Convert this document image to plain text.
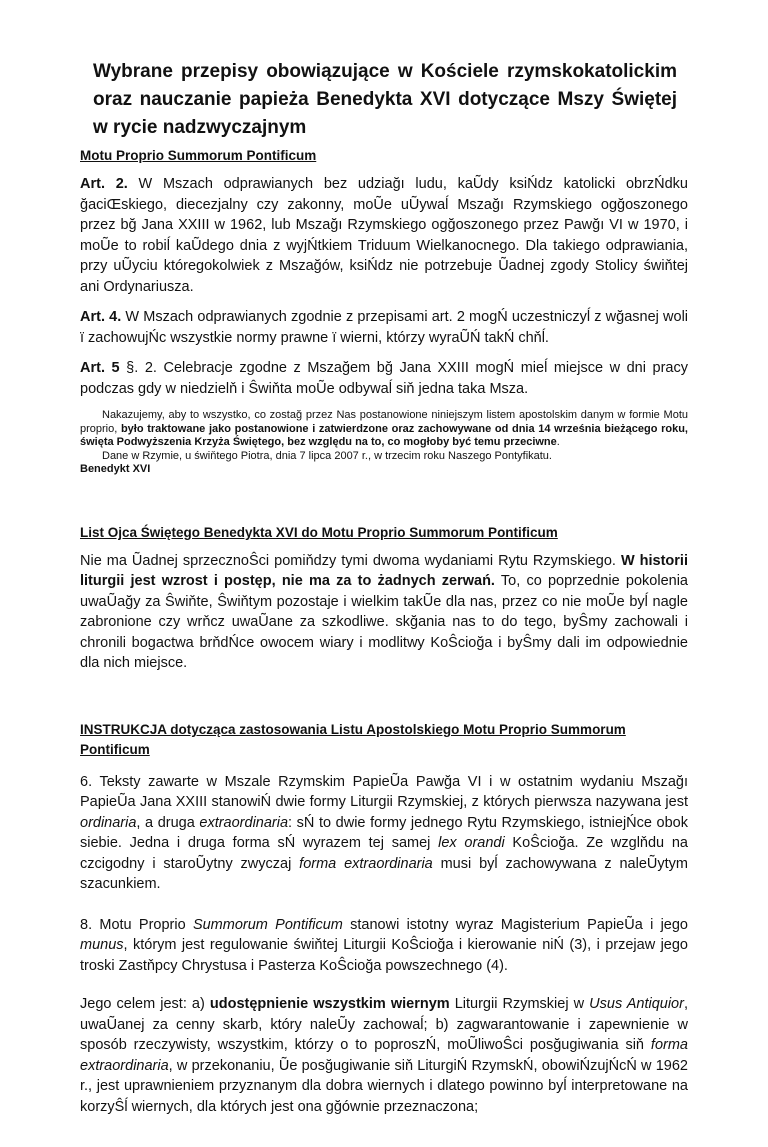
Wybrane przepisy obowiązujące w Kościele rzymskokatolickim oraz nauczanie papieża Benedykta XVI dotyczące Mszy Świętej w rycie nadzwyczajnym
Motu Proprio Summorum Pontificum

Art. 2. W Mszach odprawianych bez udziağı ludu, kaŨdy ksiŃdz katolicki obrzŃdku ğaciŒskiego, diecezjalny czy zakonny, moŨe uŨywaĺ Mszağı Rzymskiego ogğoszonego przez bğ Jana XXIII w 1962, lub Mszağı Rzymskiego ogğoszonego przez Pawğı VI w 1970, i moŨe to robiĺ kaŨdego dnia z wyjŃtkiem Triduum Wielkanocnego. Dla takiego odprawiania, przy uŨyciu któregokolwiek z Mszağów, ksiŃdz nie potrzebuje Ũadnej zgody Stolicy świňtej ani Ordynariusza.

Art. 4. W Mszach odprawianych zgodnie z przepisami art. 2 mogŃ uczestniczyĺ z wğasnej woli ï zachowujŃc wszystkie normy prawne ï wierni, którzy wyraŨŃ takŃ chňĺ.

Art. 5 §. 2. Celebracje zgodne z Mszağem bğ Jana XXIII mogŃ mieĺ miejsce w dni pracy podczas gdy w niedzielň i Ŝwiňta moŨe odbywaĺ siň jedna taka Msza.

Nakazujemy, aby to wszystko, co zostağ przez Nas postanowione niniejszym listem apostolskim danym w formie Motu proprio, było traktowane jako postanowione i zatwierdzone oraz zachowywane od dnia 14 września bieżącego roku, święta Podwyższenia Krzyża Świętego, bez względu na to, co mogłoby być temu przeciwne.

Dane w Rzymie, u świňtego Piotra, dnia 7 lipca 2007 r., w trzecim roku Naszego Pontyfikatu.

Benedykt XVI

List Ojca Świętego Benedykta XVI do Motu Proprio Summorum Pontificum

Nie ma Ũadnej sprzecznoŜci pomiňdzy tymi dwoma wydaniami Rytu Rzymskiego. W historii liturgii jest wzrost i postęp, nie ma za to żadnych zerwań. To, co poprzednie pokolenia uwaŨağy za Ŝwiňte, Ŝwiňtym pozostaje i wielkim takŨe dla nas, przez co nie moŨe byĺ nagle zabronione czy wrňcz uwaŨane za szkodliwe. skğania nas to do tego, byŜmy zachowali i chronili bogactwa brňdŃce owocem wiary i modlitwy KoŜcioğa i byŜmy dali im odpowiednie dla nich miejsce.

INSTRUKCJA dotycząca zastosowania Listu Apostolskiego Motu Proprio Summorum Pontificum

6. Teksty zawarte w Mszale Rzymskim PapieŨa Pawğa VI i w ostatnim wydaniu Mszağı PapieŨa Jana XXIII stanowiŃ dwie formy Liturgii Rzymskiej, z których pierwsza nazywana jest ordinaria, a druga extraordinaria: sŃ to dwie formy jednego Rytu Rzymskiego, istniejŃce obok siebie. Jedna i druga forma sŃ wyrazem tej samej lex orandi KoŜcioğa. Ze wzglňdu na czcigodny i staroŨytny zwyczaj forma extraordinaria musi byĺ zachowywana z naleŨytym szacunkiem.

8. Motu Proprio Summorum Pontificum stanowi istotny wyraz Magisterium PapieŨa i jego munus, którym jest regulowanie świňtej Liturgii KoŜcioğa i kierowanie niŃ (3), i przejaw jego troski Zastňpcy Chrystusa i Pasterza KoŜcioğa powszechnego (4).

Jego celem jest: a) udostępnienie wszystkim wiernym Liturgii Rzymskiej w Usus Antiquior, uwaŨanej za cenny skarb, który naleŨy zachowaĺ; b) zagwarantowanie i zapewnienie w sposób rzeczywisty, wszystkim, którzy o to poproszŃ, moŨliwoŜci posğugiwania siň forma extraordinaria, w przekonaniu, Ũe posğugiwanie siň LiturgiŃ RzymskŃ, obowiŃzujŃcŃ w 1962 r., jest uprawnieniem przyznanym dla dobra wiernych i dlatego powinno byĺ interpretowane na korzyŜĺ wiernych, dla których jest ona gğównie przeznaczona;
